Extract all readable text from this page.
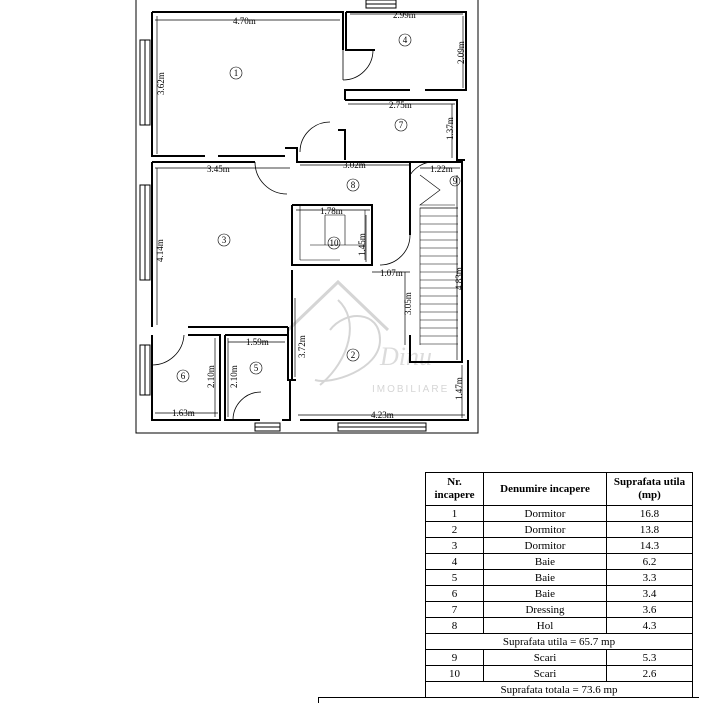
Dinu
IMOBILIARE
4.70m
2.99m
2.09m
3.62m
2.75m
1.37m
3.45m	3.02m	1.22m
4.14m
1.78m
1.45m
1.07m	4.83m
3.05m
1.59m	3.72m
2.10m 2.10m
1.63m	4.23m
1.47m
1
4
7
8
3	10
2
5
6
9
Nr. incapere	Denumire incapere	Suprafata utila (mp)
1	Dormitor	16.8
2	Dormitor	13.8
3	Dormitor	14.3
4	Baie	6.2
5	Baie	3.3
6	Baie	3.4
7	Dressing	3.6
8	Hol	4.3
Suprafata utila = 65.7 mp		
9	Scari	5.3
10	Scari	2.6
Suprafata totala = 73.6 mp		
